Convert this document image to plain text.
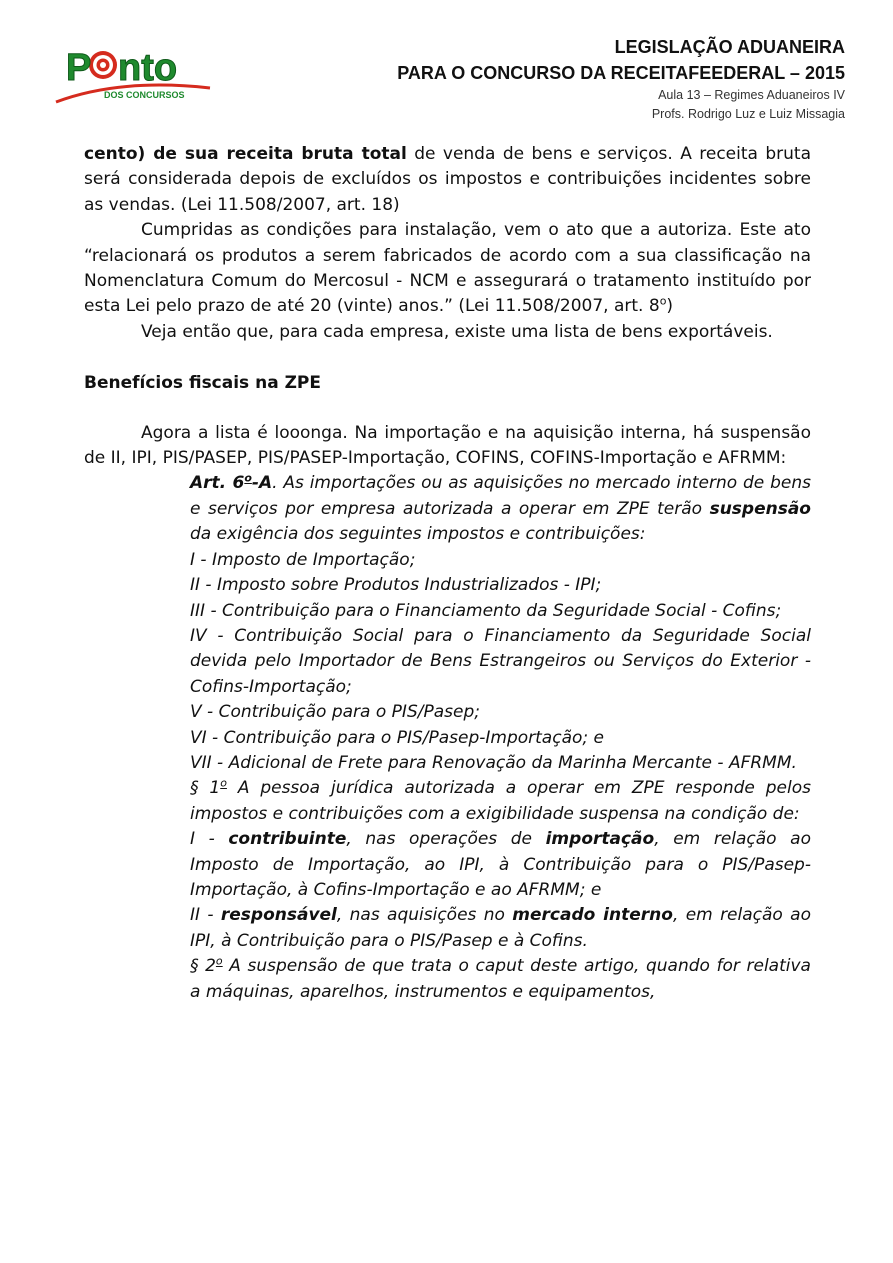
P nto
DOS CONCURSOS
LEGISLAÇÃO ADUANEIRA
PARA O CONCURSO DA RECEITAFEEDERAL – 2015
Aula 13 – Regimes Aduaneiros IV
Profs. Rodrigo Luz e Luiz Missagia

cento) de sua receita bruta total de venda de bens e serviços. A receita bruta será considerada depois de excluídos os impostos e contribuições incidentes sobre as vendas. (Lei 11.508/2007, art. 18)

Cumpridas as condições para instalação, vem o ato que a autoriza. Este ato “relacionará os produtos a serem fabricados de acordo com a sua classificação na Nomenclatura Comum do Mercosul - NCM e assegurará o tratamento instituído por esta Lei pelo prazo de até 20 (vinte) anos.” (Lei 11.508/2007, art. 8$^o$)

Veja então que, para cada empresa, existe uma lista de bens exportáveis.

Benefícios fiscais na ZPE

Agora a lista é looonga. Na importação e na aquisição interna, há suspensão de II, IPI, PIS/PASEP, PIS/PASEP-Importação, COFINS, COFINS-Importação e AFRMM:

Art. 6$^o$-A. As importações ou as aquisições no mercado interno de bens e serviços por empresa autorizada a operar em ZPE terão suspensão da exigência dos seguintes impostos e contribuições:

I - Imposto de Importação;

II - Imposto sobre Produtos Industrializados - IPI;

III - Contribuição para o Financiamento da Seguridade Social - Cofins;

IV - Contribuição Social para o Financiamento da Seguridade Social devida pelo Importador de Bens Estrangeiros ou Serviços do Exterior - Cofins-Importação;

V - Contribuição para o PIS/Pasep;

VI - Contribuição para o PIS/Pasep-Importação; e

VII - Adicional de Frete para Renovação da Marinha Mercante - AFRMM.

§ 1$^o$ A pessoa jurídica autorizada a operar em ZPE responde pelos impostos e contribuições com a exigibilidade suspensa na condição de:

I - contribuinte, nas operações de importação, em relação ao Imposto de Importação, ao IPI, à Contribuição para o PIS/Pasep-Importação, à Cofins-Importação e ao AFRMM; e

II - responsável, nas aquisições no mercado interno, em relação ao IPI, à Contribuição para o PIS/Pasep e à Cofins.

§ 2$^o$ A suspensão de que trata o caput deste artigo, quando for relativa a máquinas, aparelhos, instrumentos e equipamentos,
